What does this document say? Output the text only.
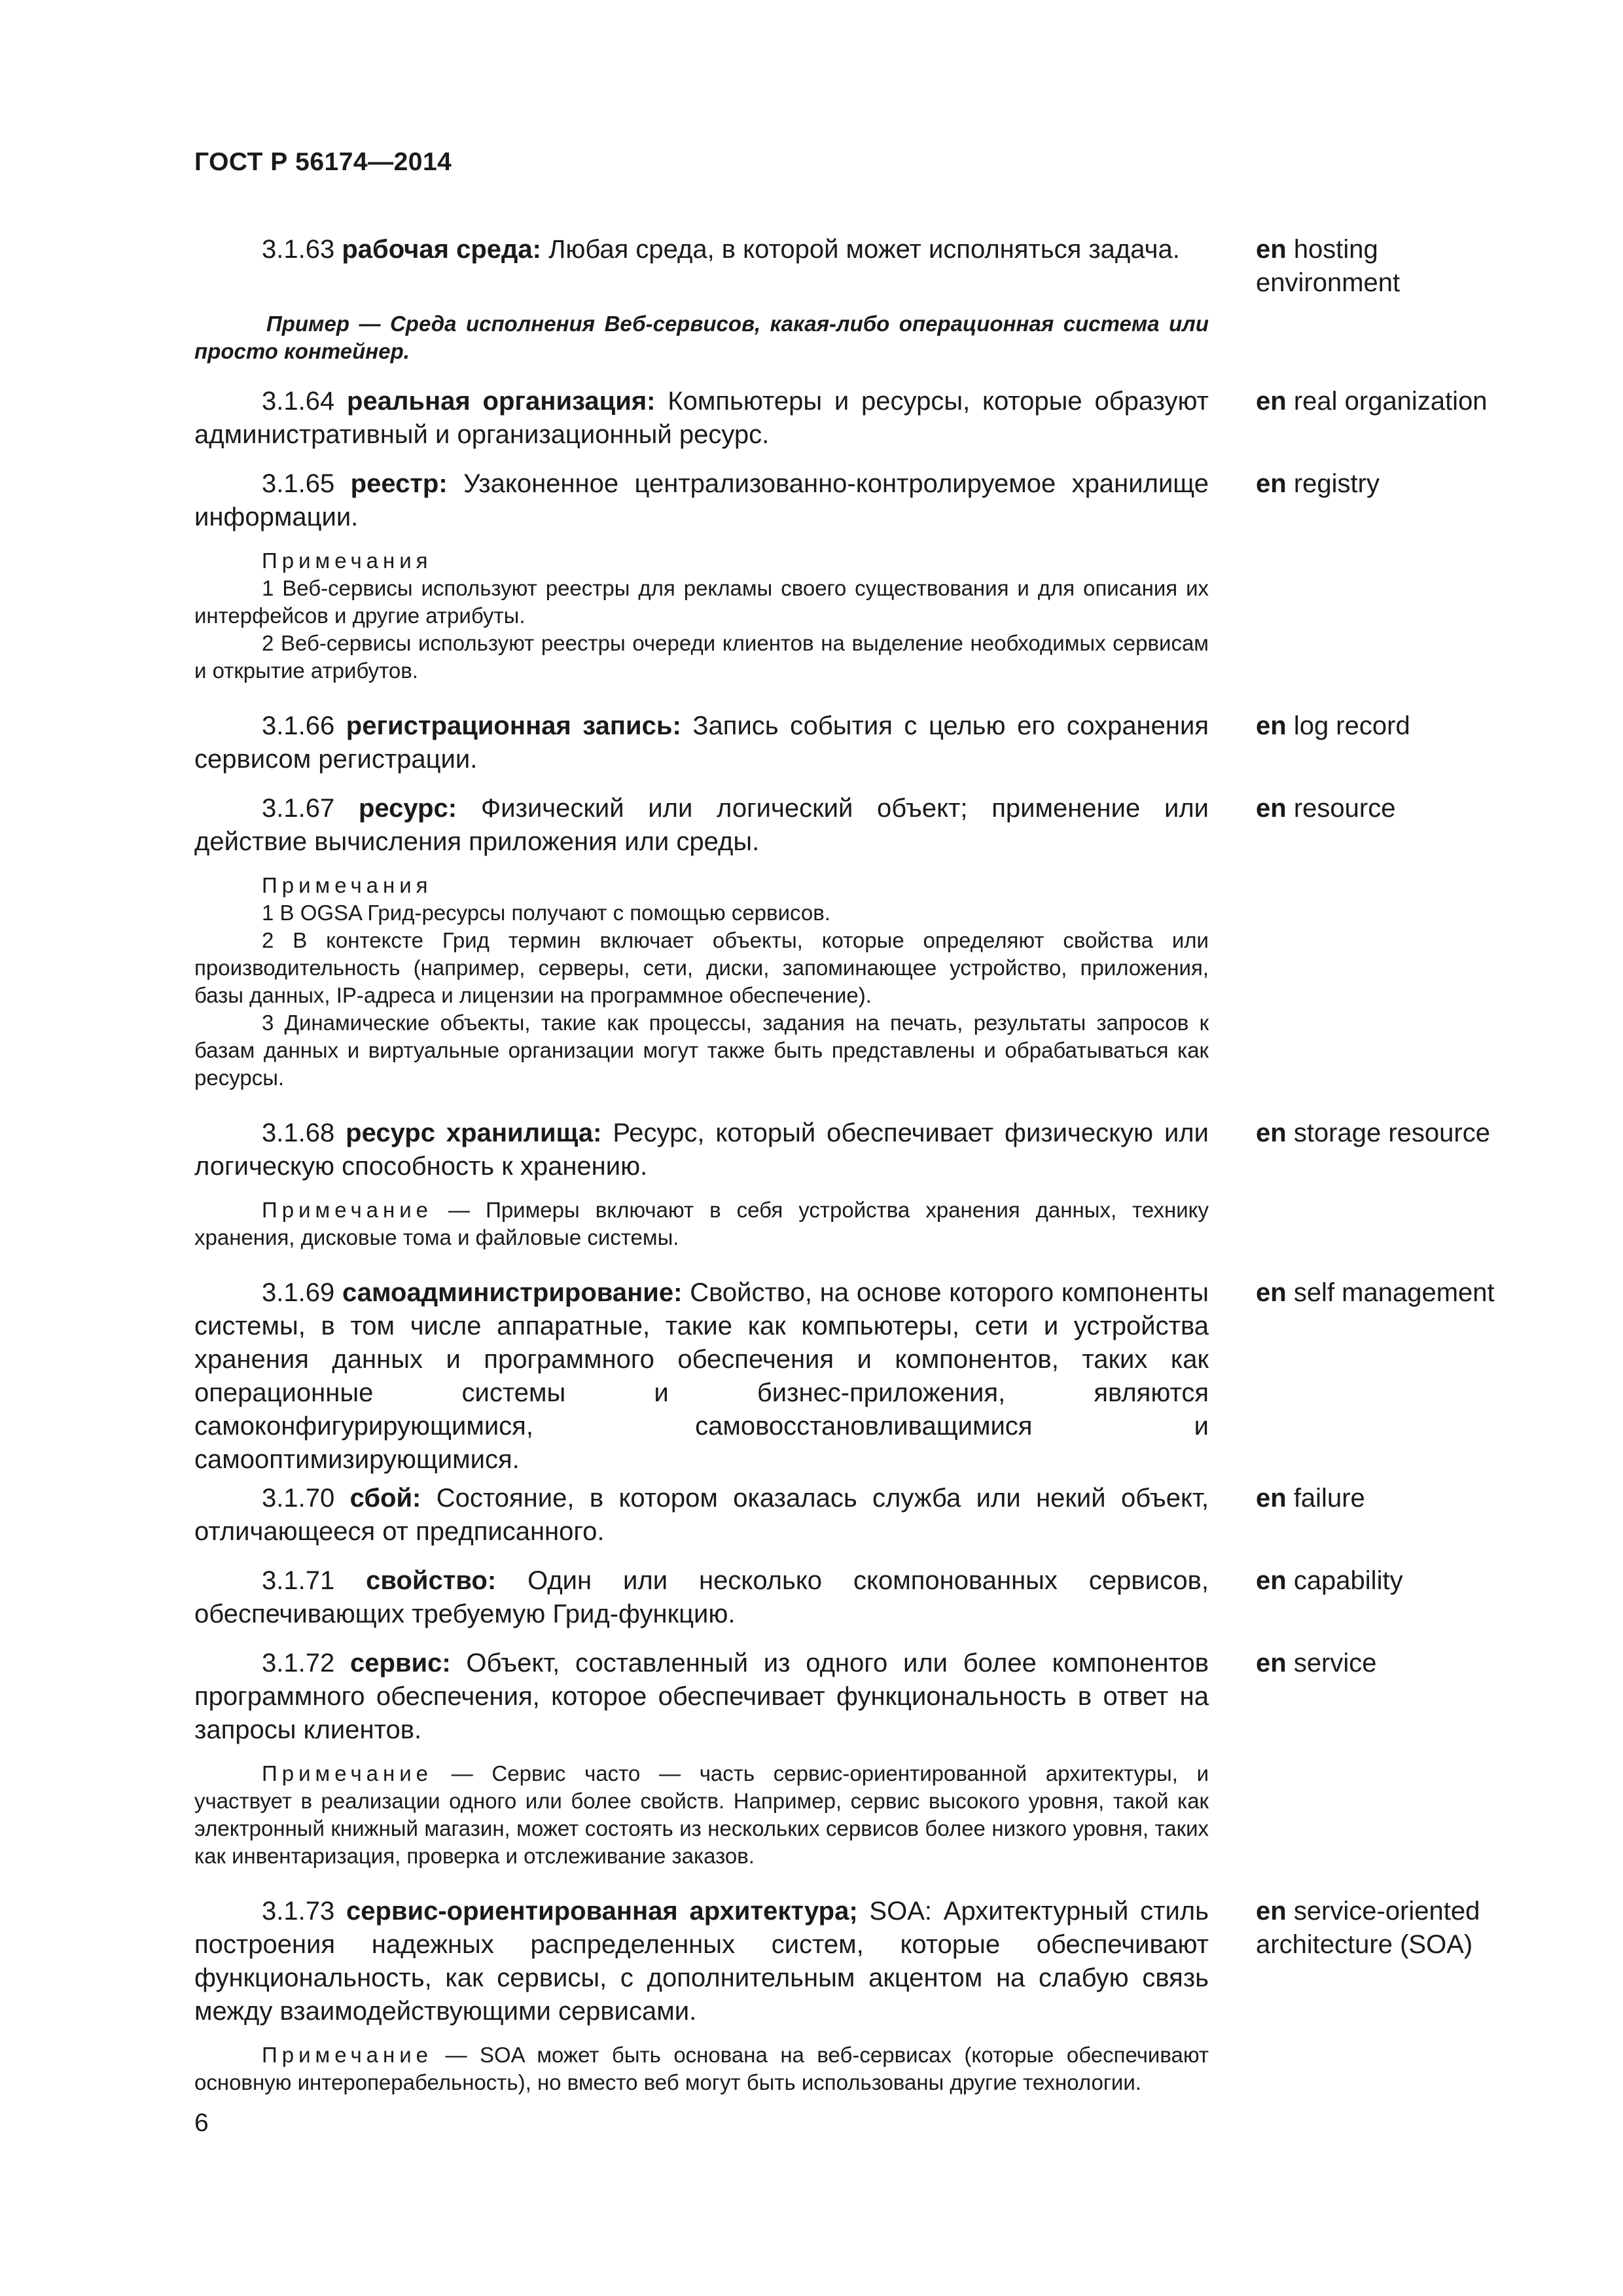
ГОСТ Р 56174—2014

3.1.63 рабочая среда: Любая среда, в которой может исполняться задача.	en hosting environment

Пример — Среда исполнения Веб-сервисов, какая-либо операционная система или просто контейнер.

3.1.64 реальная организация: Компьютеры и ресурсы, которые образуют административный и организационный ресурс.

en real organization

3.1.65 реестр: Узаконенное централизованно-контролируемое хранилище информации.

Примечания

1 Веб-сервисы используют реестры для рекламы своего существования и для описания их интерфейсов и другие атрибуты.

2 Веб-сервисы используют реестры очереди клиентов на выделение необходимых сервисам и открытие атрибутов.

en registry

3.1.66 регистрационная запись: Запись события с целью его сохранения сервисом регистрации.

en log record

3.1.67 ресурс: Физический или логический объект; применение или действие вычисления приложения или среды.

Примечания

1 В OGSA Грид-ресурсы получают с помощью сервисов.

2 В контексте Грид термин включает объекты, которые определяют свойства или производительность (например, серверы, сети, диски, запоминающее устройство, приложения, базы данных, IP-адреса и лицензии на программное обеспечение).

3 Динамические объекты, такие как процессы, задания на печать, результаты запросов к базам данных и виртуальные организации могут также быть представлены и обрабатываться как ресурсы.

en resource

3.1.68 ресурс хранилища: Ресурс, который обеспечивает физическую или логическую способность к хранению.

Примечание — Примеры включают в себя устройства хранения данных, технику хранения, дисковые тома и файловые системы.

en storage resource

3.1.69 самоадминистрирование: Свойство, на основе которого компоненты системы, в том числе аппаратные, такие как компьютеры, сети и устройства хранения данных и программного обеспечения и компонентов, таких как операционные системы и бизнес-приложения, являются самоконфигурирующимися, самовосстановливащимися и самооптимизирующимися.

en self management

3.1.70 сбой: Состояние, в котором оказалась служба или некий объект, отличающееся от предписанного.

en failure

3.1.71 свойство: Один или несколько скомпонованных сервисов, обеспечивающих требуемую Грид-функцию.

en capability

3.1.72 сервис: Объект, составленный из одного или более компонентов программного обеспечения, которое обеспечивает функциональность в ответ на запросы клиентов.

Примечание — Сервис часто — часть сервис-ориентированной архитектуры, и участвует в реализации одного или более свойств. Например, сервис высокого уровня, такой как электронный книжный магазин, может состоять из нескольких сервисов более низкого уровня, таких как инвентаризация, проверка и отслеживание заказов.

en service

3.1.73 сервис-ориентированная архитектура; SOA: Архитектурный стиль построения надежных распределенных систем, которые обеспечивают функциональность, как сервисы, с дополнительным акцентом на слабую связь между взаимодействующими сервисами.

Примечание — SOA может быть основана на веб-сервисах (которые обеспечивают основную интероперабельность), но вместо веб могут быть использованы другие технологии.

en service-oriented architecture (SOA)
6
